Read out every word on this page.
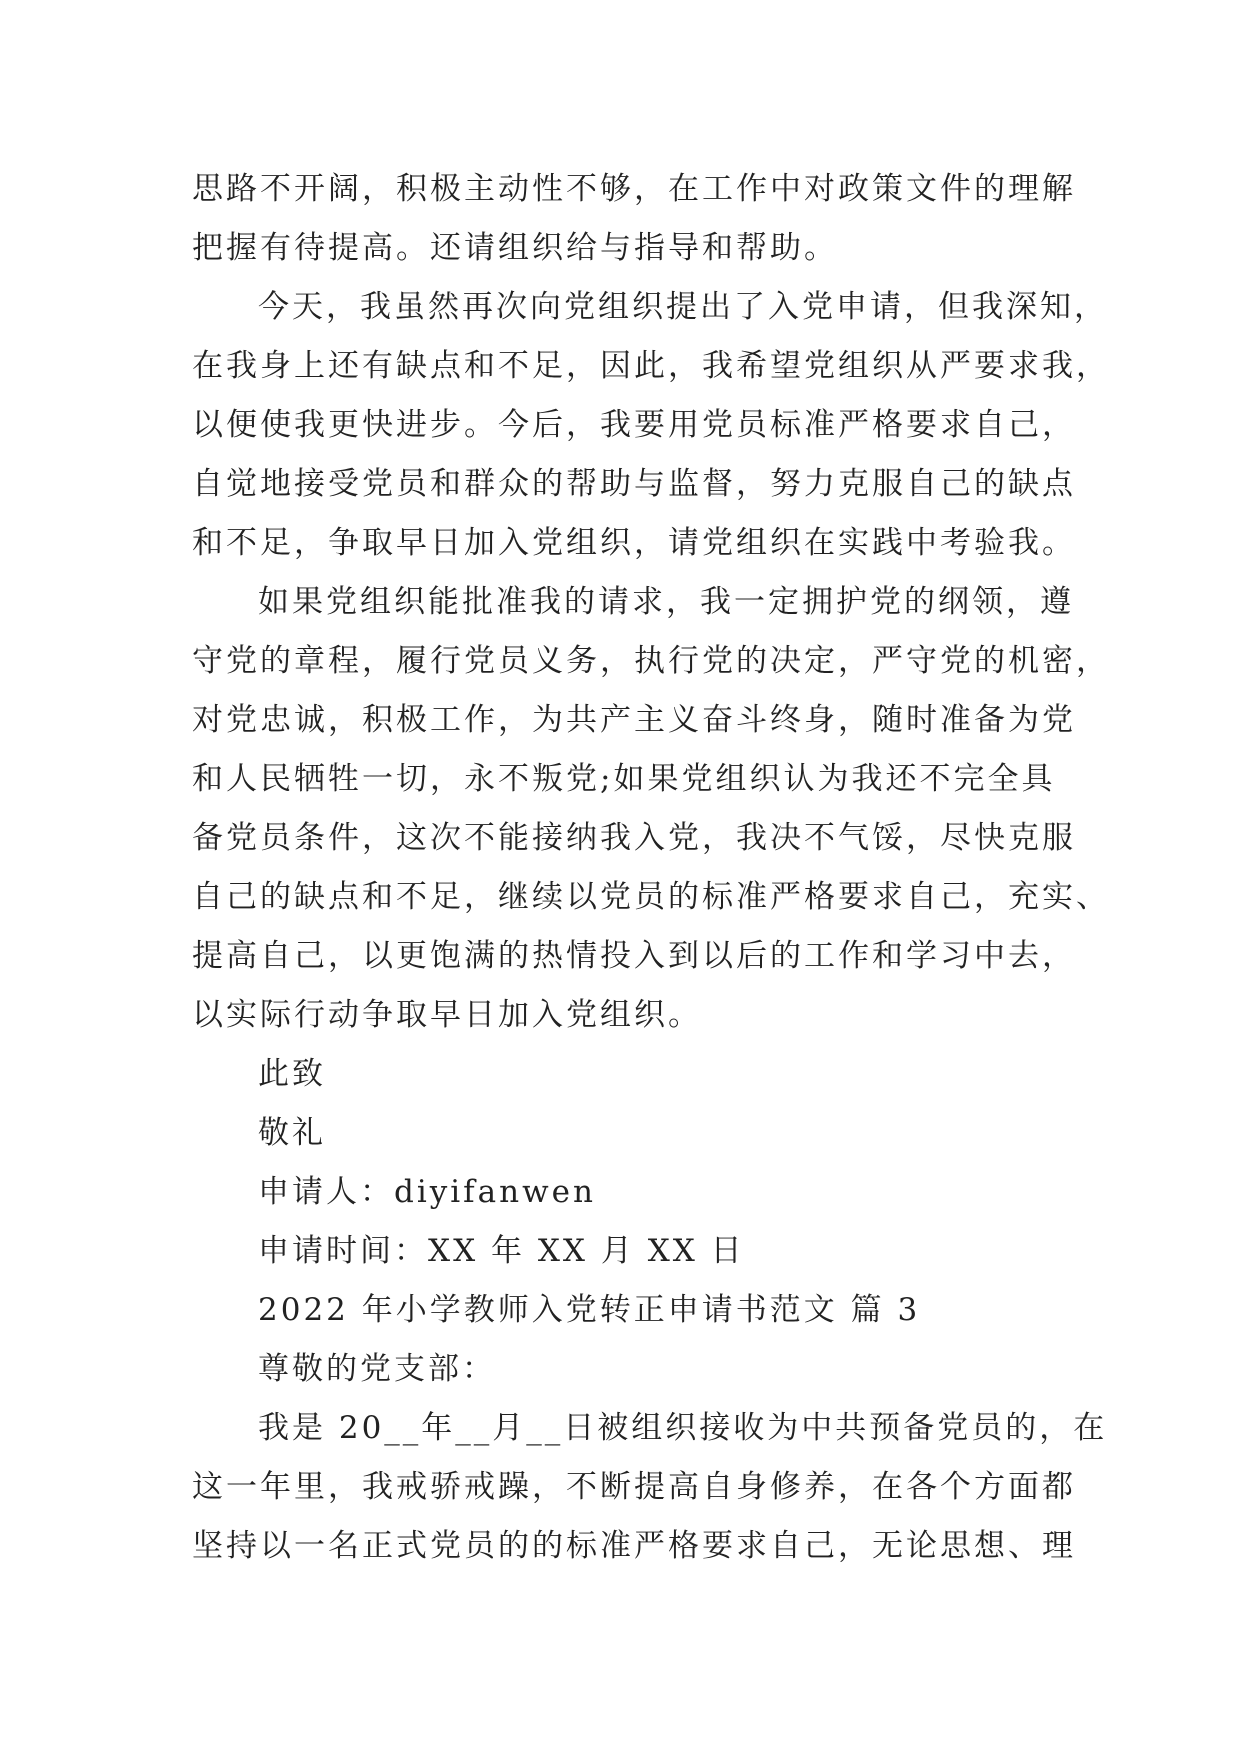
思路不开阔，积极主动性不够，在工作中对政策文件的理解
把握有待提高。还请组织给与指导和帮助。
今天，我虽然再次向党组织提出了入党申请，但我深知，
在我身上还有缺点和不足，因此，我希望党组织从严要求我，
以便使我更快进步。今后，我要用党员标准严格要求自己，
自觉地接受党员和群众的帮助与监督，努力克服自己的缺点
和不足，争取早日加入党组织，请党组织在实践中考验我。
如果党组织能批准我的请求，我一定拥护党的纲领，遵
守党的章程，履行党员义务，执行党的决定，严守党的机密，
对党忠诚，积极工作，为共产主义奋斗终身，随时准备为党
和人民牺牲一切，永不叛党;如果党组织认为我还不完全具
备党员条件，这次不能接纳我入党，我决不气馁，尽快克服
自己的缺点和不足，继续以党员的标准严格要求自己，充实、
提高自己，以更饱满的热情投入到以后的工作和学习中去，
以实际行动争取早日加入党组织。
此致
敬礼
申请人：diyifanwen
申请时间：XX 年 XX 月 XX 日
2022 年小学教师入党转正申请书范文 篇 3
尊敬的党支部：
我是 20__年__月__日被组织接收为中共预备党员的，在
这一年里，我戒骄戒躁，不断提高自身修养，在各个方面都
坚持以一名正式党员的的标准严格要求自己，无论思想、理
